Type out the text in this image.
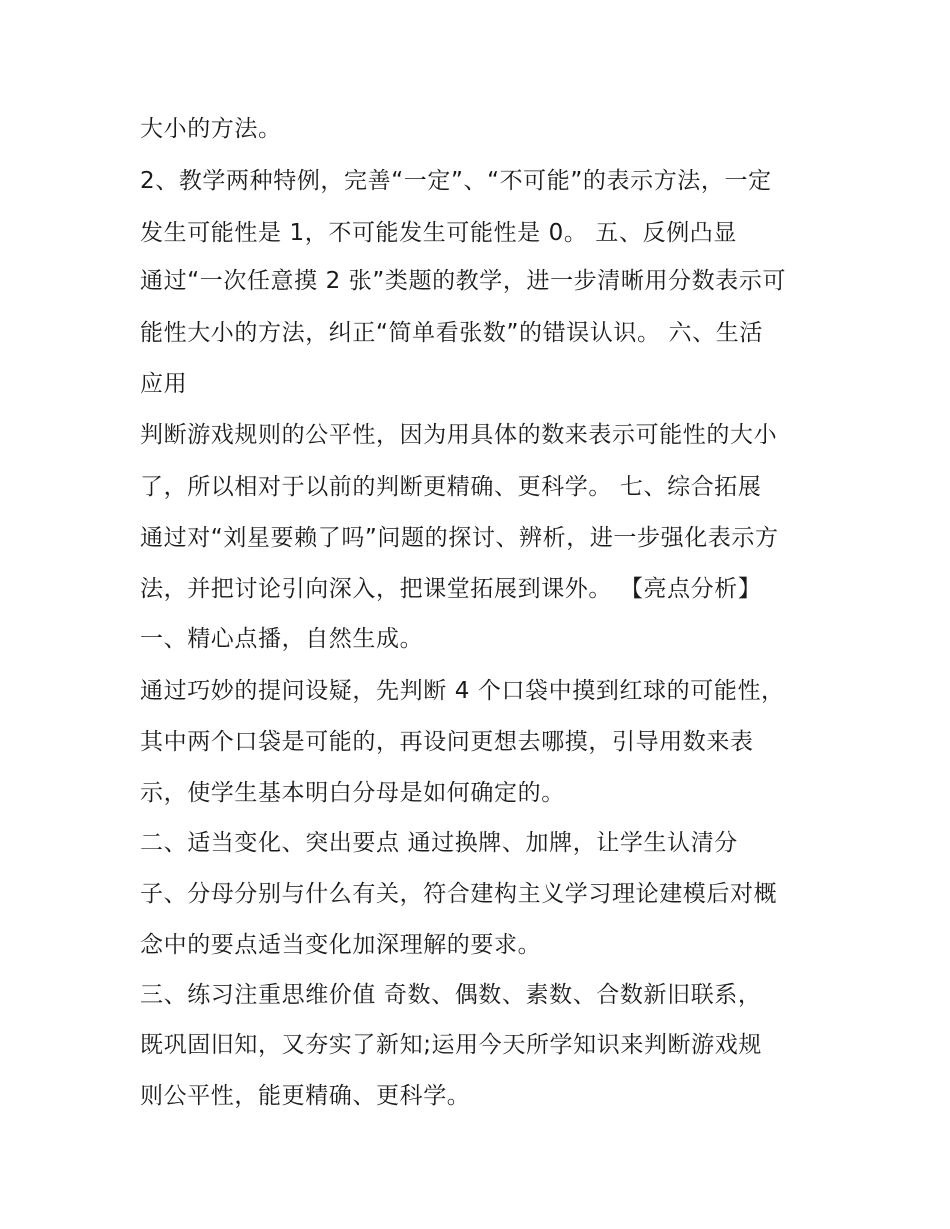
大小的方法。
2、教学两种特例，完善“一定”、“不可能”的表示方法，一定
发生可能性是 1，不可能发生可能性是 0。 五、反例凸显
通过“一次任意摸 2 张”类题的教学，进一步清晰用分数表示可
能性大小的方法，纠正“简单看张数”的错误认识。 六、生活
应用
判断游戏规则的公平性，因为用具体的数来表示可能性的大小
了，所以相对于以前的判断更精确、更科学。 七、综合拓展
通过对“刘星要赖了吗”问题的探讨、辨析，进一步强化表示方
法，并把讨论引向深入，把课堂拓展到课外。 【亮点分析】
一、精心点播，自然生成。
通过巧妙的提问设疑，先判断 4 个口袋中摸到红球的可能性，
其中两个口袋是可能的，再设问更想去哪摸，引导用数来表
示，使学生基本明白分母是如何确定的。
二、适当变化、突出要点 通过换牌、加牌，让学生认清分
子、分母分别与什么有关，符合建构主义学习理论建模后对概
念中的要点适当变化加深理解的要求。
三、练习注重思维价值 奇数、偶数、素数、合数新旧联系，
既巩固旧知，又夯实了新知;运用今天所学知识来判断游戏规
则公平性，能更精确、更科学。
